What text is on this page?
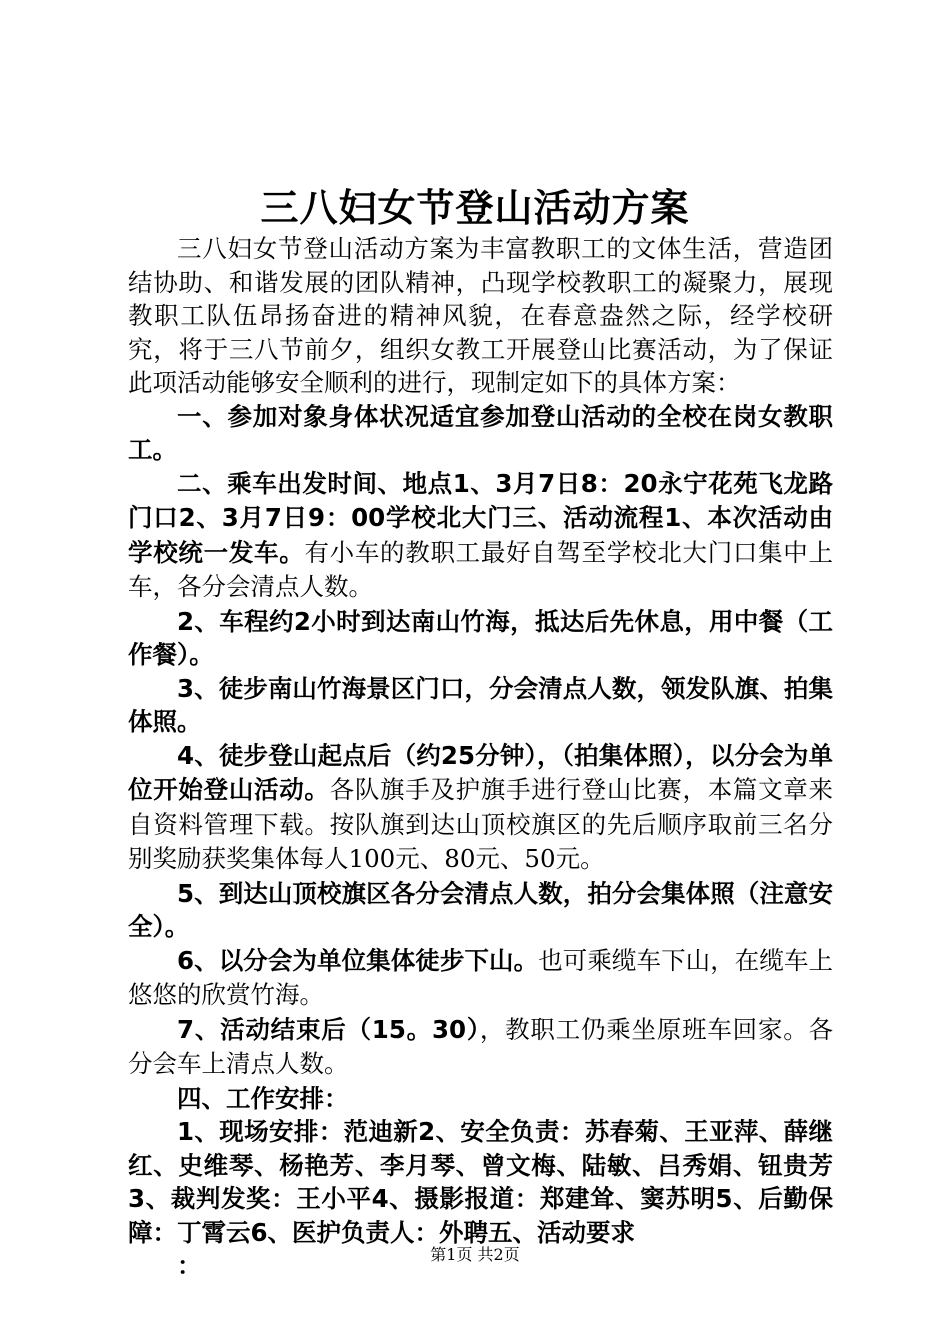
三八妇女节登山活动方案

三八妇女节登山活动方案为丰富教职工的文体生活，营造团结协助、和谐发展的团队精神，凸现学校教职工的凝聚力，展现教职工队伍昂扬奋进的精神风貌，在春意盎然之际，经学校研究，将于三八节前夕，组织女教工开展登山比赛活动，为了保证此项活动能够安全顺利的进行，现制定如下的具体方案：

一、参加对象身体状况适宜参加登山活动的全校在岗女教职工。

二、乘车出发时间、地点1、3月7日8：20永宁花苑飞龙路门口2、3月7日9：00学校北大门三、活动流程1、本次活动由学校统一发车。有小车的教职工最好自驾至学校北大门口集中上车，各分会清点人数。

2、车程约2小时到达南山竹海，抵达后先休息，用中餐（工作餐）。

3、徒步南山竹海景区门口，分会清点人数，领发队旗、拍集体照。

4、徒步登山起点后（约25分钟），（拍集体照），以分会为单位开始登山活动。各队旗手及护旗手进行登山比赛，本篇文章来自资料管理下载。按队旗到达山顶校旗区的先后顺序取前三名分别奖励获奖集体每人100元、80元、50元。

5、到达山顶校旗区各分会清点人数，拍分会集体照（注意安全）。

6、以分会为单位集体徒步下山。也可乘缆车下山，在缆车上悠悠的欣赏竹海。

7、活动结束后（15。30），教职工仍乘坐原班车回家。各分会车上清点人数。

四、工作安排：

1、现场安排：范迪新2、安全负责：苏春菊、王亚萍、薛继红、史维琴、杨艳芳、李月琴、曾文梅、陆敏、吕秀娟、钮贵芳3、裁判发奖：王小平4、摄影报道：郑建耸、窦苏明5、后勤保障：丁霄云6、医护负责人：外聘五、活动要求

：	第1页 共2页
